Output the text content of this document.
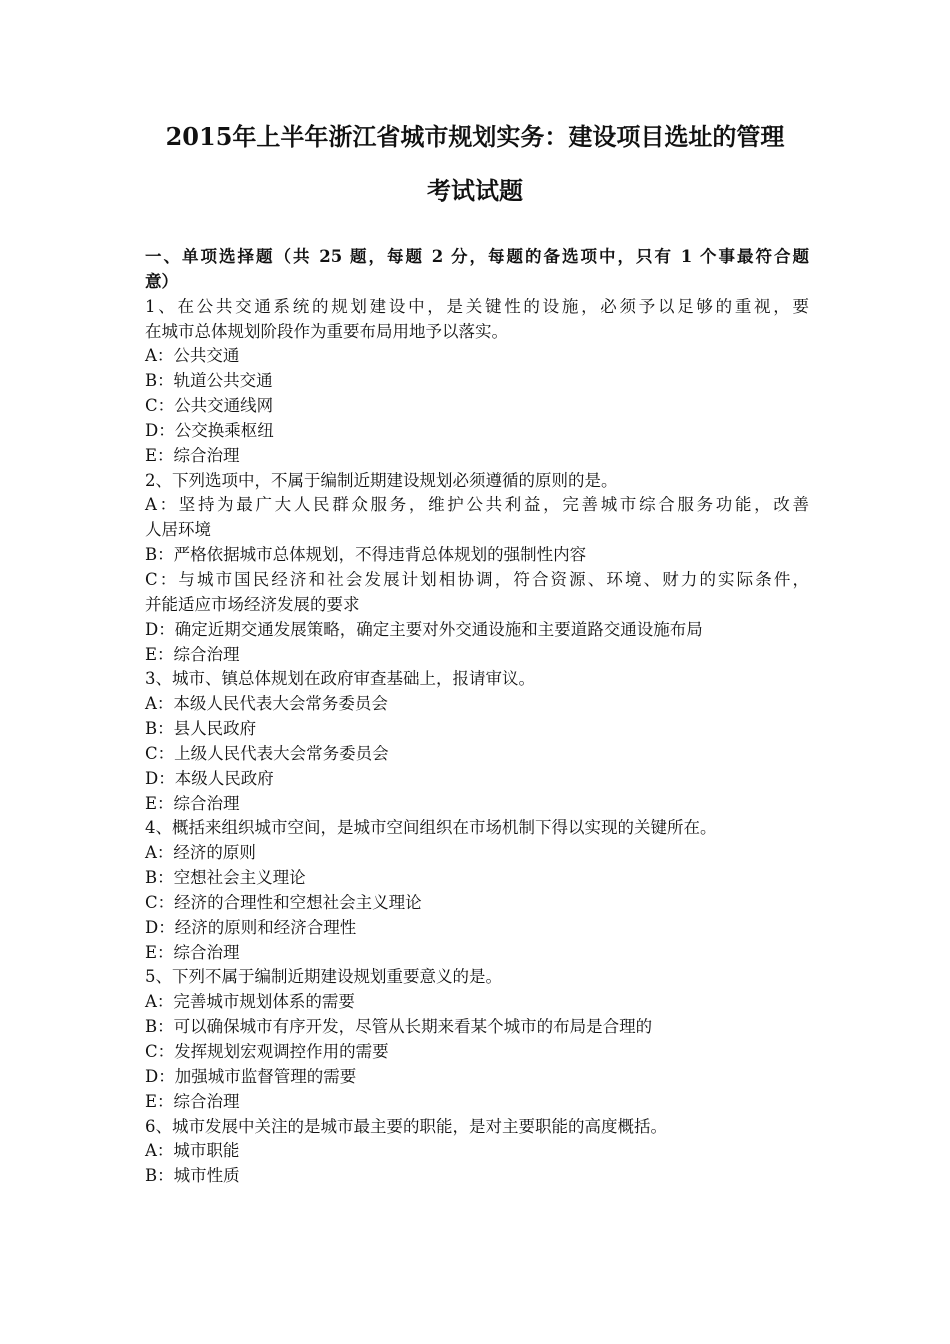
2015年上半年浙江省城市规划实务：建设项目选址的管理
考试试题
一、单项选择题（共 25 题，每题 2 分，每题的备选项中，只有 1 个事最符合题
意）
1、在公共交通系统的规划建设中，是关键性的设施，必须予以足够的重视，要
在城市总体规划阶段作为重要布局用地予以落实。
A：公共交通
B：轨道公共交通
C：公共交通线网
D：公交换乘枢纽
E：综合治理
2、下列选项中，不属于编制近期建设规划必须遵循的原则的是。
A：坚持为最广大人民群众服务，维护公共利益，完善城市综合服务功能，改善
人居环境
B：严格依据城市总体规划，不得违背总体规划的强制性内容
C：与城市国民经济和社会发展计划相协调，符合资源、环境、财力的实际条件，
并能适应市场经济发展的要求
D：确定近期交通发展策略，确定主要对外交通设施和主要道路交通设施布局
E：综合治理
3、城市、镇总体规划在政府审查基础上，报请审议。
A：本级人民代表大会常务委员会
B：县人民政府
C：上级人民代表大会常务委员会
D：本级人民政府
E：综合治理
4、概括来组织城市空间，是城市空间组织在市场机制下得以实现的关键所在。
A：经济的原则
B：空想社会主义理论
C：经济的合理性和空想社会主义理论
D：经济的原则和经济合理性
E：综合治理
5、下列不属于编制近期建设规划重要意义的是。
A：完善城市规划体系的需要
B：可以确保城市有序开发，尽管从长期来看某个城市的布局是合理的
C：发挥规划宏观调控作用的需要
D：加强城市监督管理的需要
E：综合治理
6、城市发展中关注的是城市最主要的职能，是对主要职能的高度概括。
A：城市职能
B：城市性质
